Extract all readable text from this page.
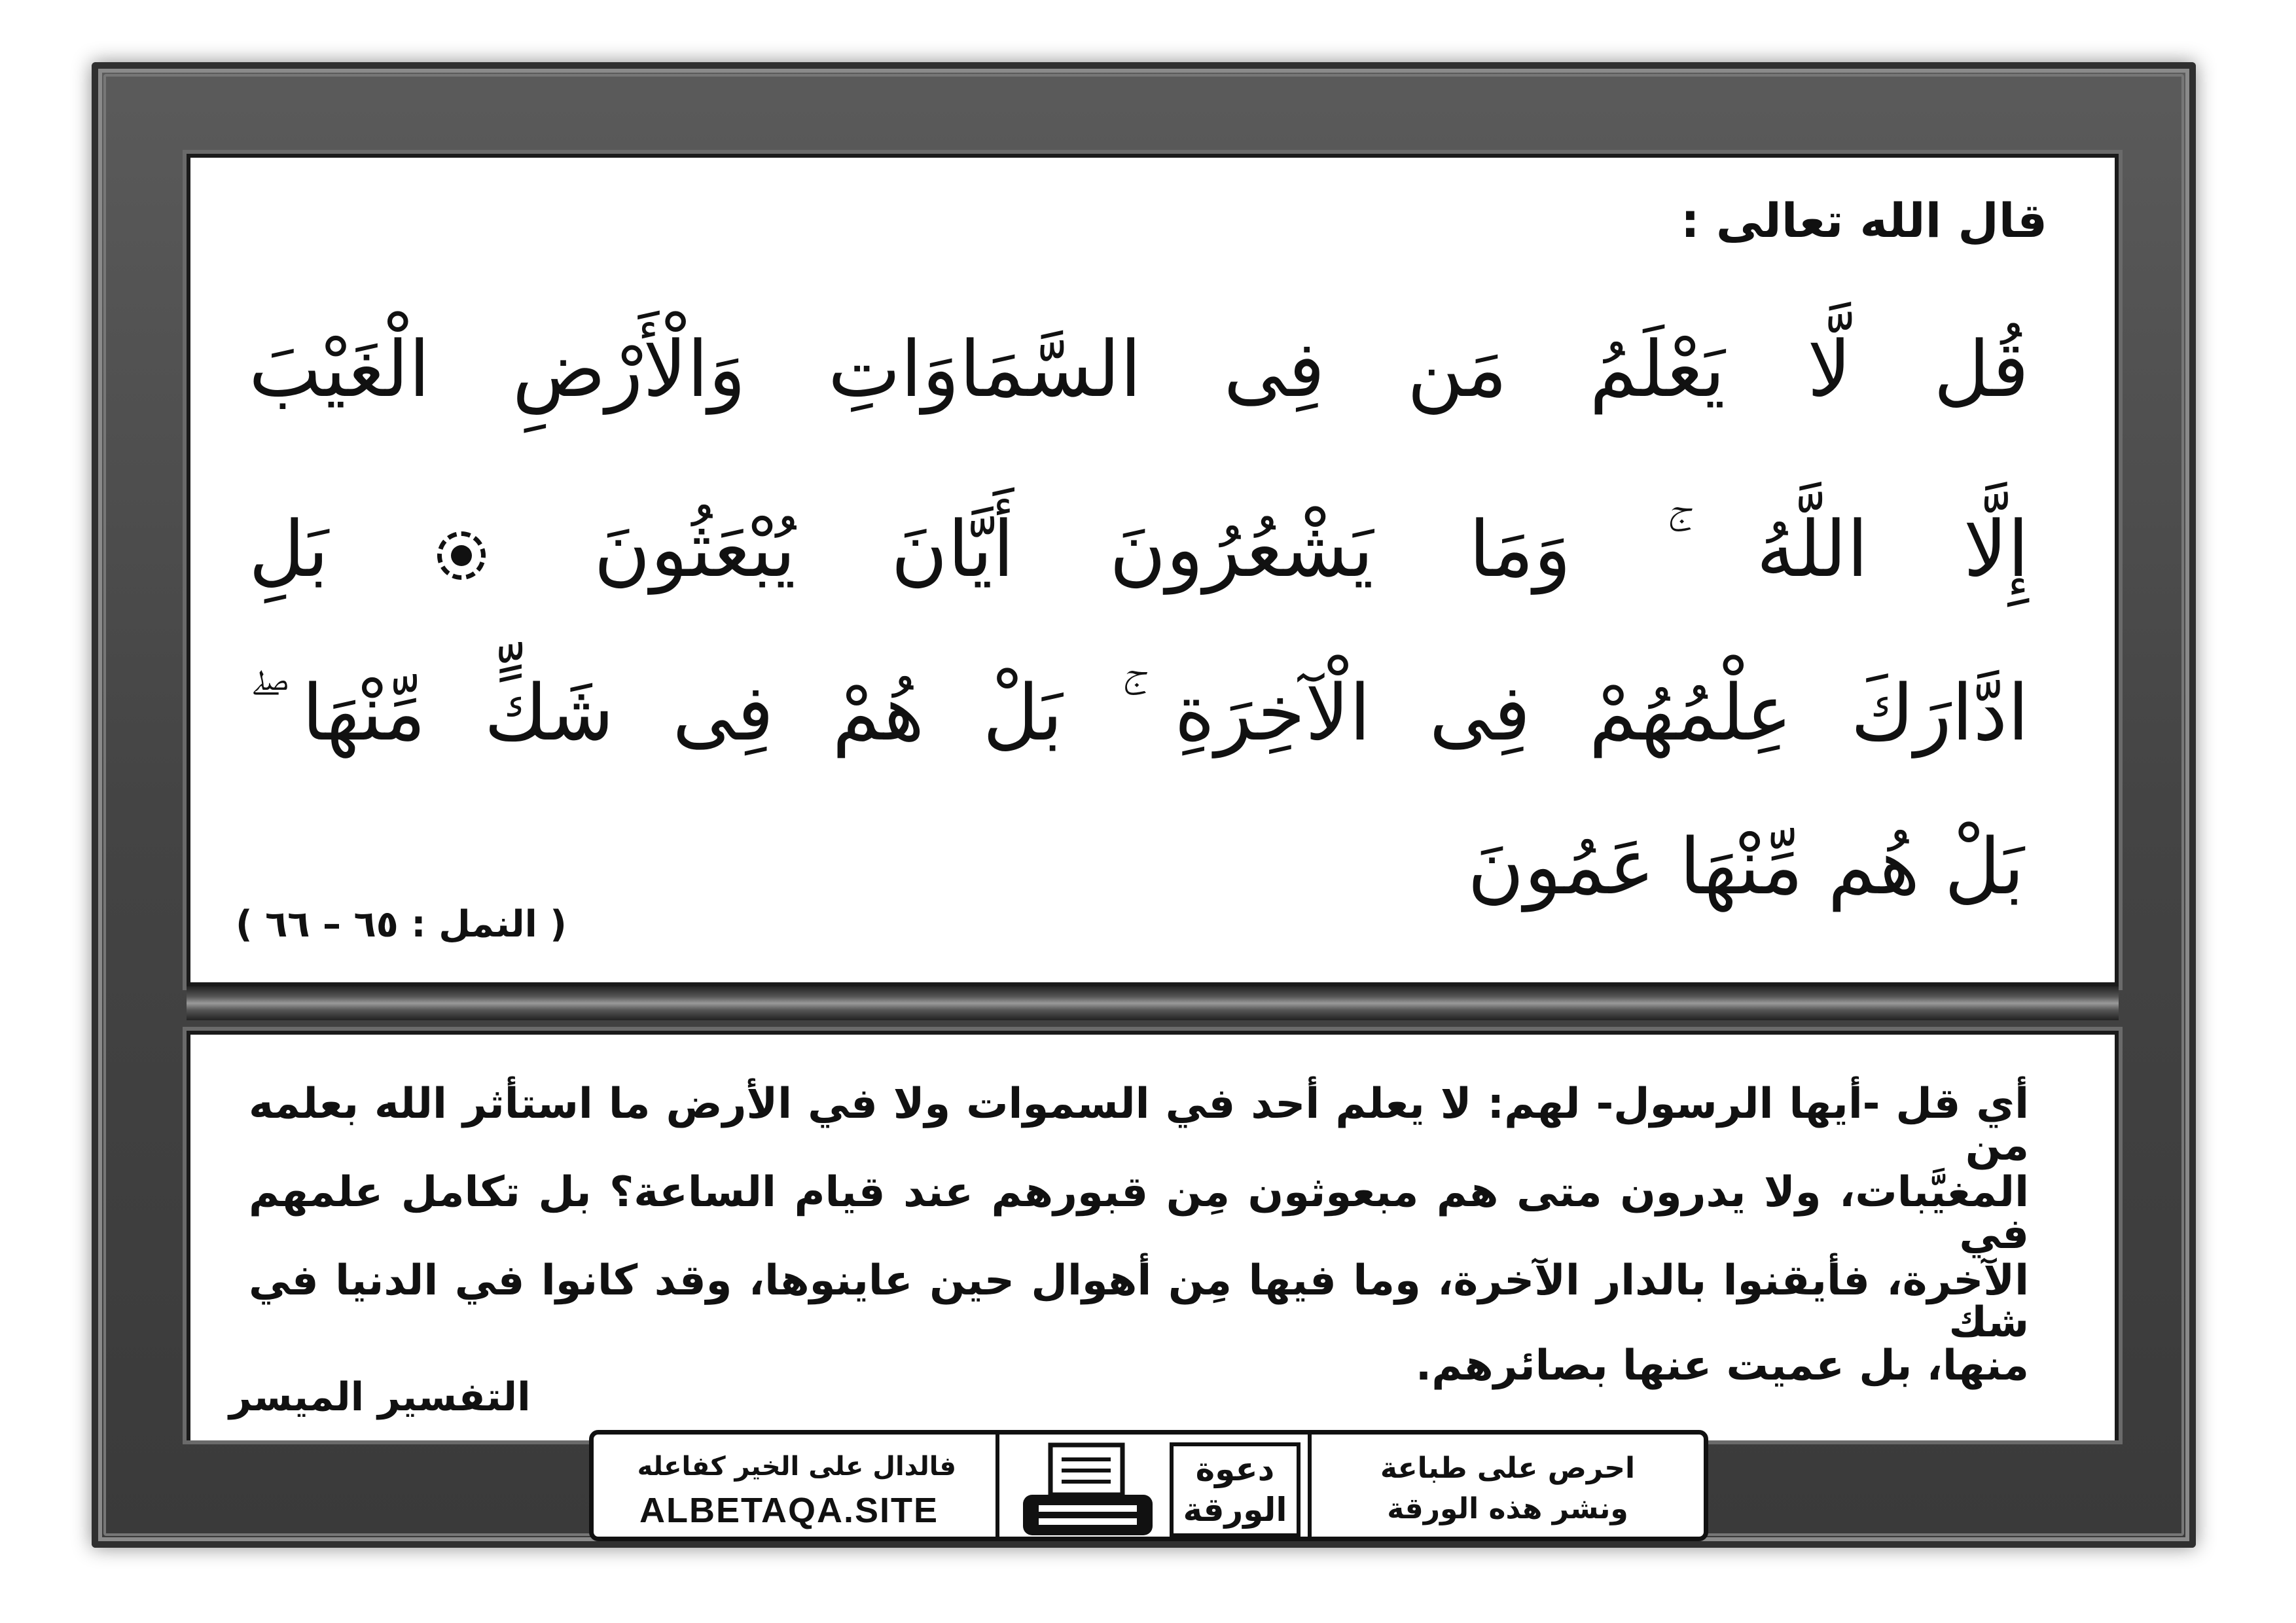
قال الله تعالى :
قُل لَّا يَعْلَمُ مَن فِى السَّمَاوَاتِ وَالْأَرْضِ الْغَيْبَ
إِلَّا اللَّهُ ۚ وَمَا يَشْعُرُونَ أَيَّانَ يُبْعَثُونَ  بَلِ
ادَّارَكَ عِلْمُهُمْ فِى الْآخِرَةِ ۚ بَلْ هُمْ فِى شَكٍّ مِّنْهَا ۖ
بَلْ هُم مِّنْهَا عَمُونَ
( النمل : ٦٥ – ٦٦ )
أي قل -أيها الرسول- لهم: لا يعلم أحد في السموات ولا في الأرض ما استأثر الله بعلمه من
المغيَّبات، ولا يدرون متى هم مبعوثون مِن قبورهم عند قيام الساعة؟ بل تكامل علمهم في
الآخرة، فأيقنوا بالدار الآخرة، وما فيها مِن أهوال حين عاينوها، وقد كانوا في الدنيا في شك
منها، بل عميت عنها بصائرهم.
التفسير الميسر
فالدال على الخير كفاعله
ALBETAQA.SITE
دعوة
الورقة
احرص على طباعة
ونشر هذه الورقة
